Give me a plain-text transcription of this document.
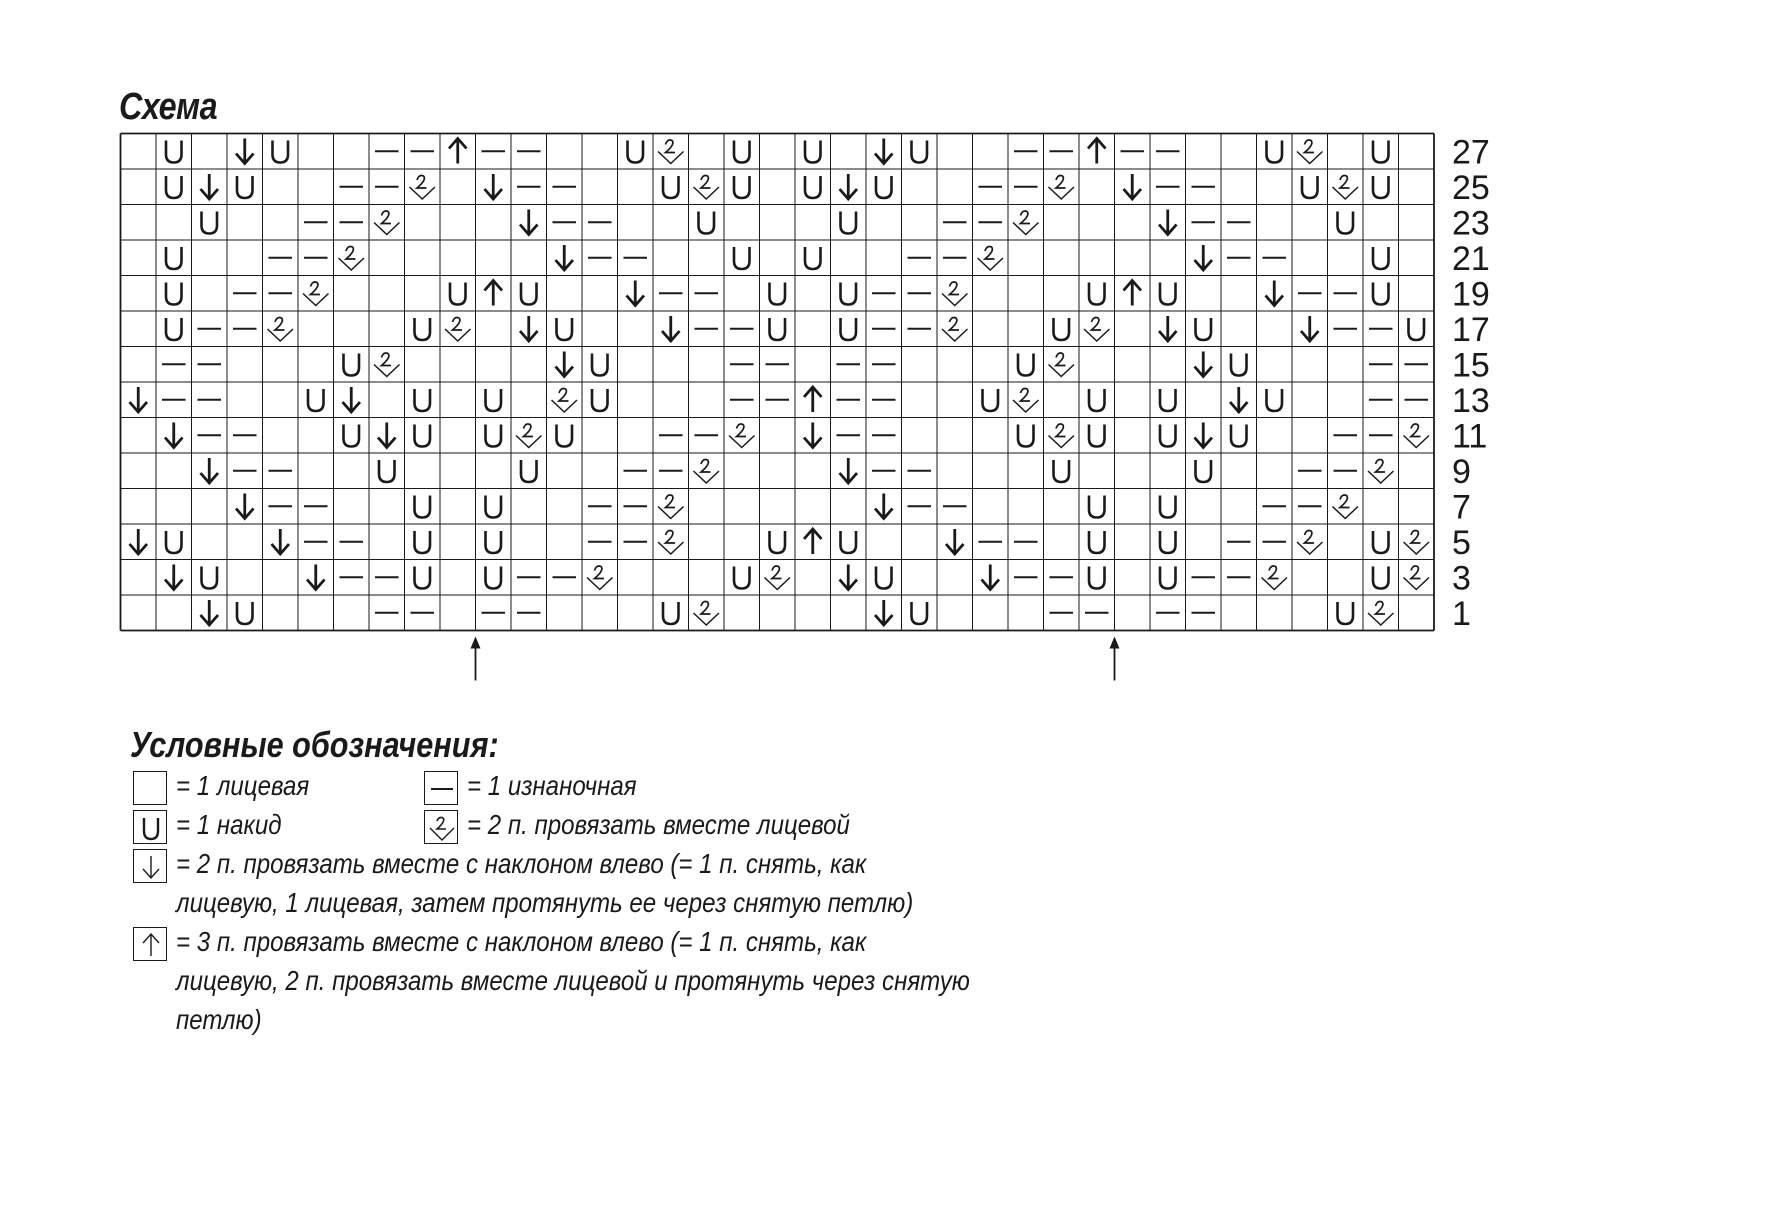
Схема
27
25
23
21
19
17
15
13
11
9
7
5
3
1
Условные обозначения:
= 1 лицевая	= 1 изнаночная
= 1 накид	= 2 п. провязать вместе лицевой
= 2 п. провязать вместе с наклоном влево (= 1 п. снять, как
лицевую, 1 лицевая, затем протянуть ее через снятую петлю)
= 3 п. провязать вместе с наклоном влево (= 1 п. снять, как
лицевую, 2 п. провязать вместе лицевой и протянуть через снятую
петлю)
